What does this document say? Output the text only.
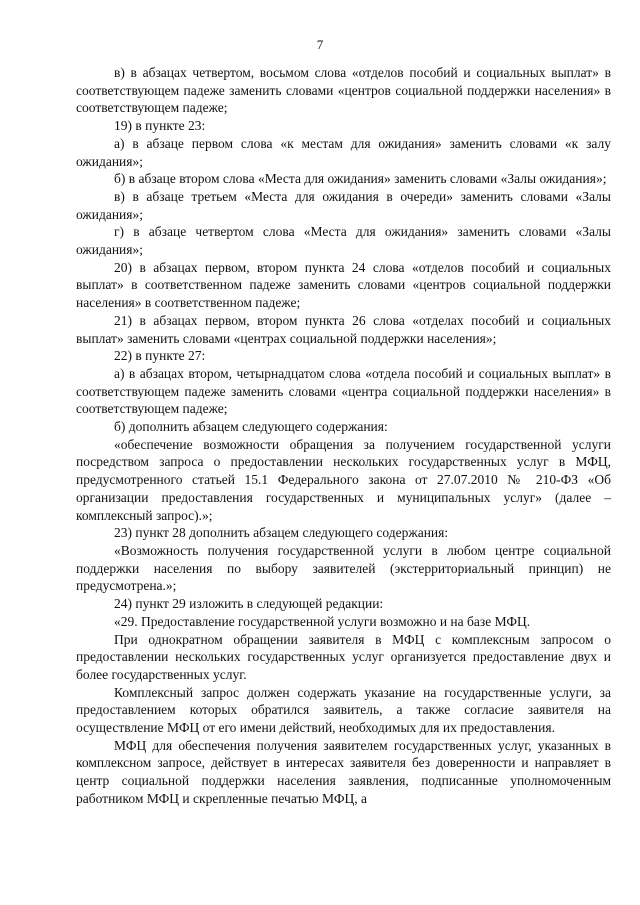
7

в) в абзацах четвертом, восьмом слова «отделов пособий и социальных выплат» в соответствующем падеже заменить словами «центров социальной поддержки населения» в соответствующем падеже;

19) в пункте 23:

а) в абзаце первом слова «к местам для ожидания» заменить словами «к залу ожидания»;

б) в абзаце втором слова «Места для ожидания» заменить словами «Залы ожидания»;

в) в абзаце третьем «Места для ожидания в очереди» заменить словами «Залы ожидания»;

г) в абзаце четвертом слова «Места для ожидания» заменить словами «Залы ожидания»;

20) в абзацах первом, втором пункта 24 слова «отделов пособий и социальных выплат» в соответственном падеже заменить словами «центров социальной поддержки населения» в соответственном падеже;

21) в абзацах первом, втором пункта 26 слова «отделах пособий и социальных выплат» заменить словами «центрах социальной поддержки населения»;

22) в пункте 27:

а) в абзацах втором, четырнадцатом слова «отдела пособий и социальных выплат» в соответствующем падеже заменить словами «центра социальной поддержки населения» в соответствующем падеже;

б) дополнить абзацем следующего содержания:

«обеспечение возможности обращения за получением государственной услуги посредством запроса о предоставлении нескольких государственных услуг в МФЦ, предусмотренного статьей 15.1 Федерального закона от 27.07.2010 № 210-ФЗ «Об организации предоставления государственных и муниципальных услуг» (далее – комплексный запрос).»;

23) пункт 28 дополнить абзацем следующего содержания:

«Возможность получения государственной услуги в любом центре социальной поддержки населения по выбору заявителей (экстерриториальный принцип) не предусмотрена.»;

24) пункт 29 изложить в следующей редакции:

«29. Предоставление государственной услуги возможно и на базе МФЦ.

При однократном обращении заявителя в МФЦ с комплексным запросом о предоставлении нескольких государственных услуг организуется предоставление двух и более государственных услуг.

Комплексный запрос должен содержать указание на государственные услуги, за предоставлением которых обратился заявитель, а также согласие заявителя на осуществление МФЦ от его имени действий, необходимых для их предоставления.

МФЦ для обеспечения получения заявителем государственных услуг, указанных в комплексном запросе, действует в интересах заявителя без доверенности и направляет в центр социальной поддержки населения заявления, подписанные уполномоченным работником МФЦ и скрепленные печатью МФЦ, а
